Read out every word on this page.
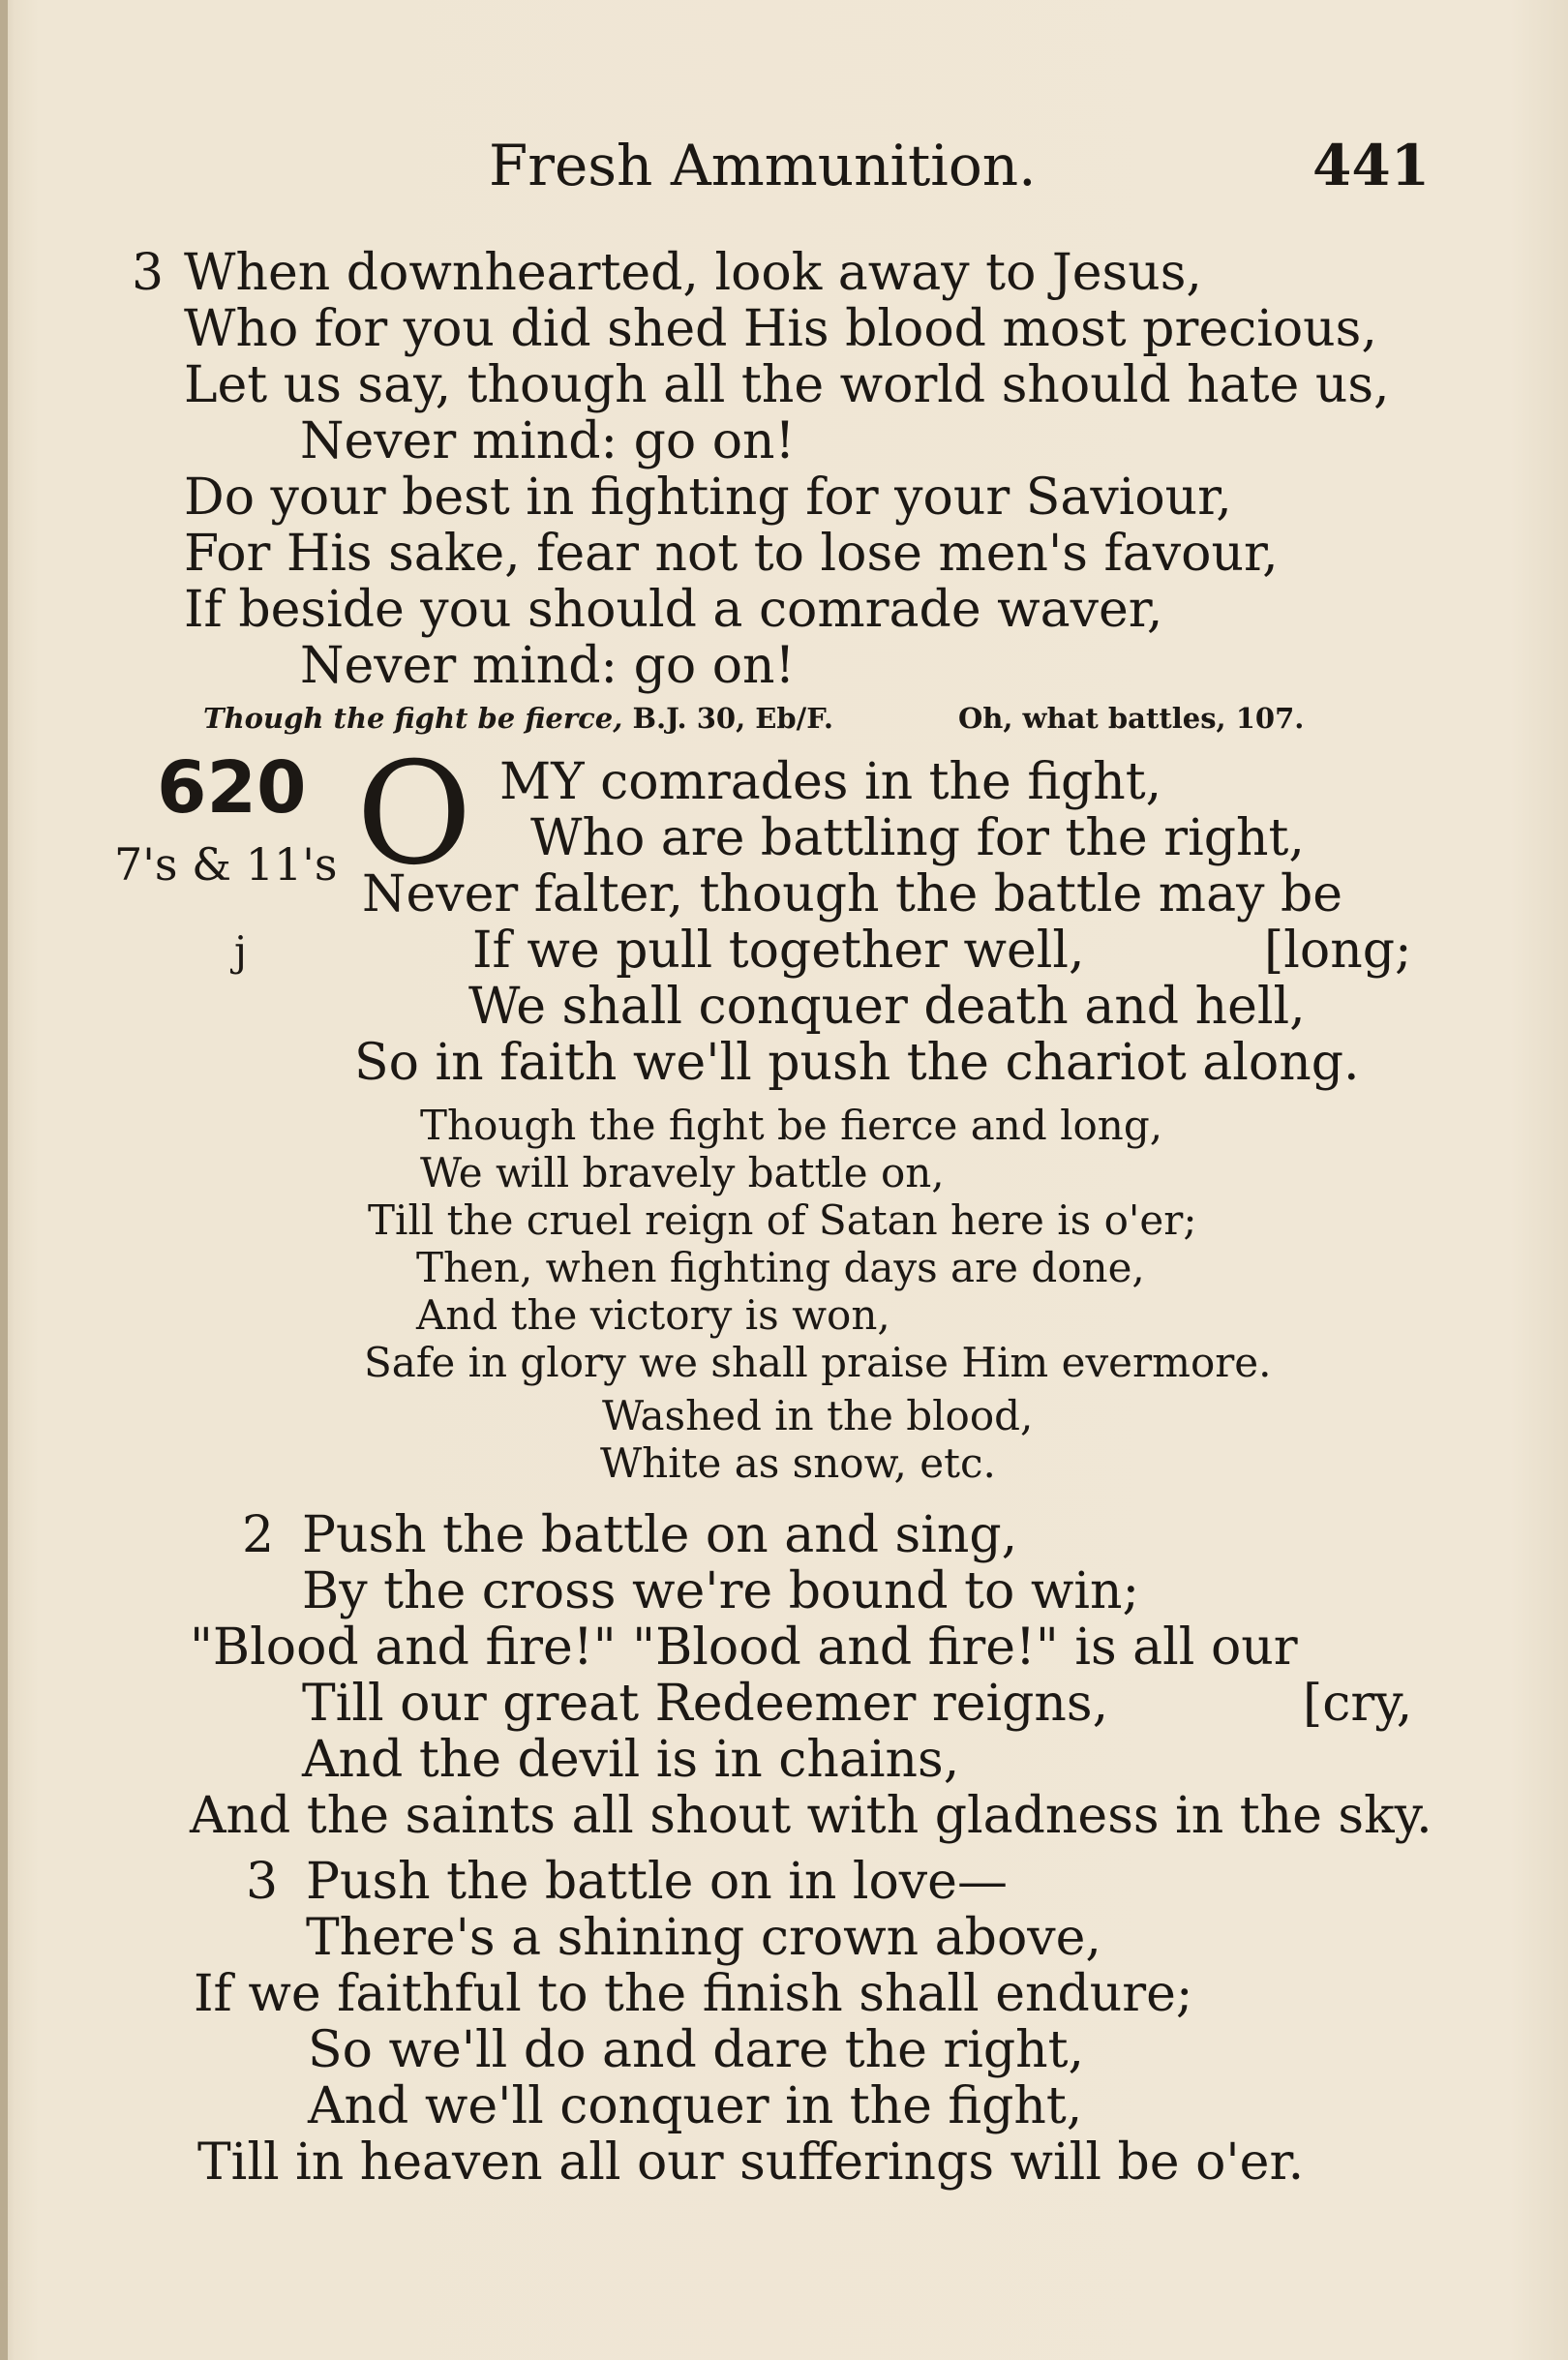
Fresh Ammunition.	441
3 When downhearted, look away to Jesus,
Who for you did shed His blood most precious,
Let us say, though all the world should hate us,
Never mind: go on!
Do your best in fighting for your Saviour,
For His sake, fear not to lose men's favour,
If beside you should a comrade waver,
Never mind: go on!
Though the fight be fierce, B.J. 30, Eb/F.	Oh, what battles, 107.
620 O
7's & 11's
j
MY comrades in the fight,
Who are battling for the right,
Never falter, though the battle may be
[long;
If we pull together well,
We shall conquer death and hell,
So in faith we'll push the chariot along.
Though the fight be fierce and long,
We will bravely battle on,
Till the cruel reign of Satan here is o'er;
Then, when fighting days are done,
And the victory is won,
Safe in glory we shall praise Him evermore.
Washed in the blood,
White as snow, etc.
2 Push the battle on and sing,
By the cross we're bound to win;
"Blood and fire!" "Blood and fire!" is all our
Till our great Redeemer reigns,	[cry,
And the devil is in chains,
And the saints all shout with gladness in the sky.
3 Push the battle on in love—
There's a shining crown above,
If we faithful to the finish shall endure;
So we'll do and dare the right,
And we'll conquer in the fight,
Till in heaven all our sufferings will be o'er.
